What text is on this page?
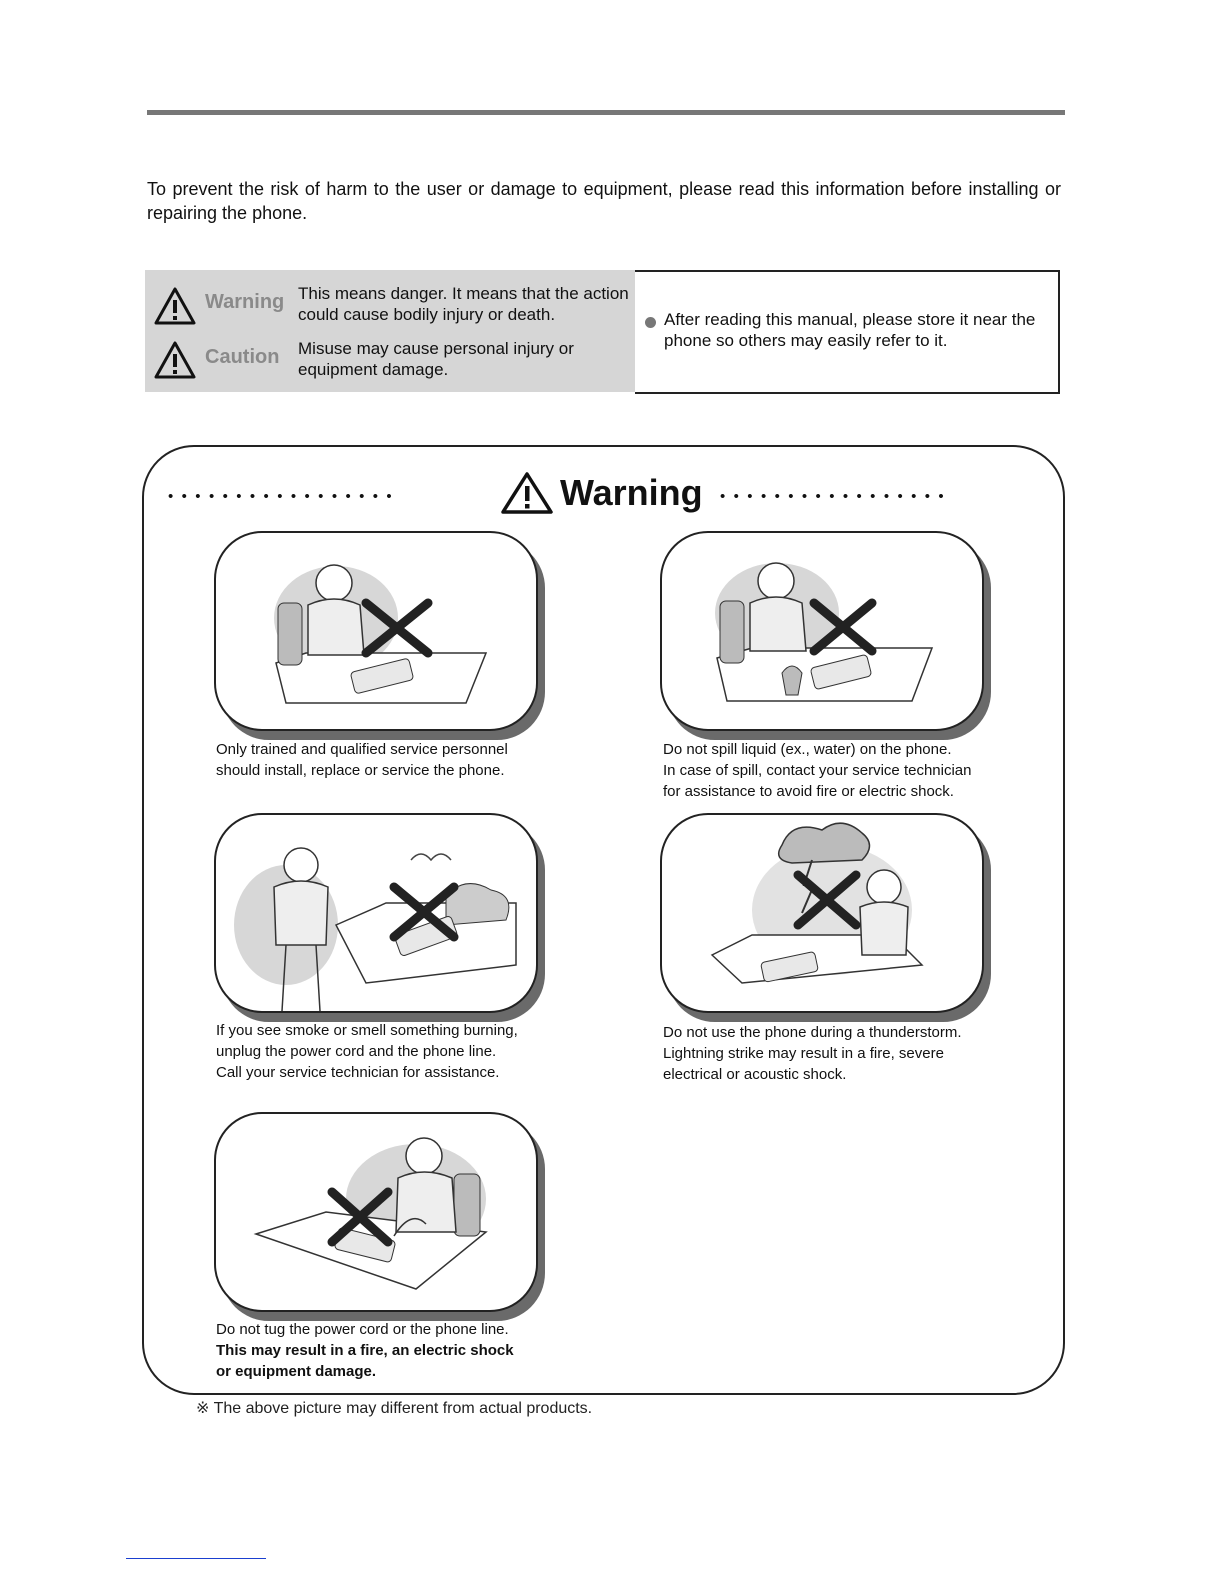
To prevent the risk of harm to the user or damage to equipment, please read this information before installing or repairing the phone.
Warning This means danger. It means that the action could cause bodily injury or death.
Caution Misuse may cause personal injury or equipment damage.
After reading this manual, please store it near the phone so others may easily refer to it.
•••••••••••••••••	•••••••••••••••••
Warning
Only trained and qualified service personnel
should install, replace or service the phone.
Do not spill liquid (ex., water) on the phone.
In case of spill, contact your service technician
for assistance to avoid fire or electric shock.
If you see smoke or smell something burning,
unplug the power cord and the phone line.
Call your service technician for assistance.
Do not use the phone during a thunderstorm.
Lightning strike may result in a fire, severe
electrical or acoustic shock.
Do not tug the power cord or the phone line.
This may result in a fire, an electric shock
or equipment damage.
※ The above picture may different from actual products.
